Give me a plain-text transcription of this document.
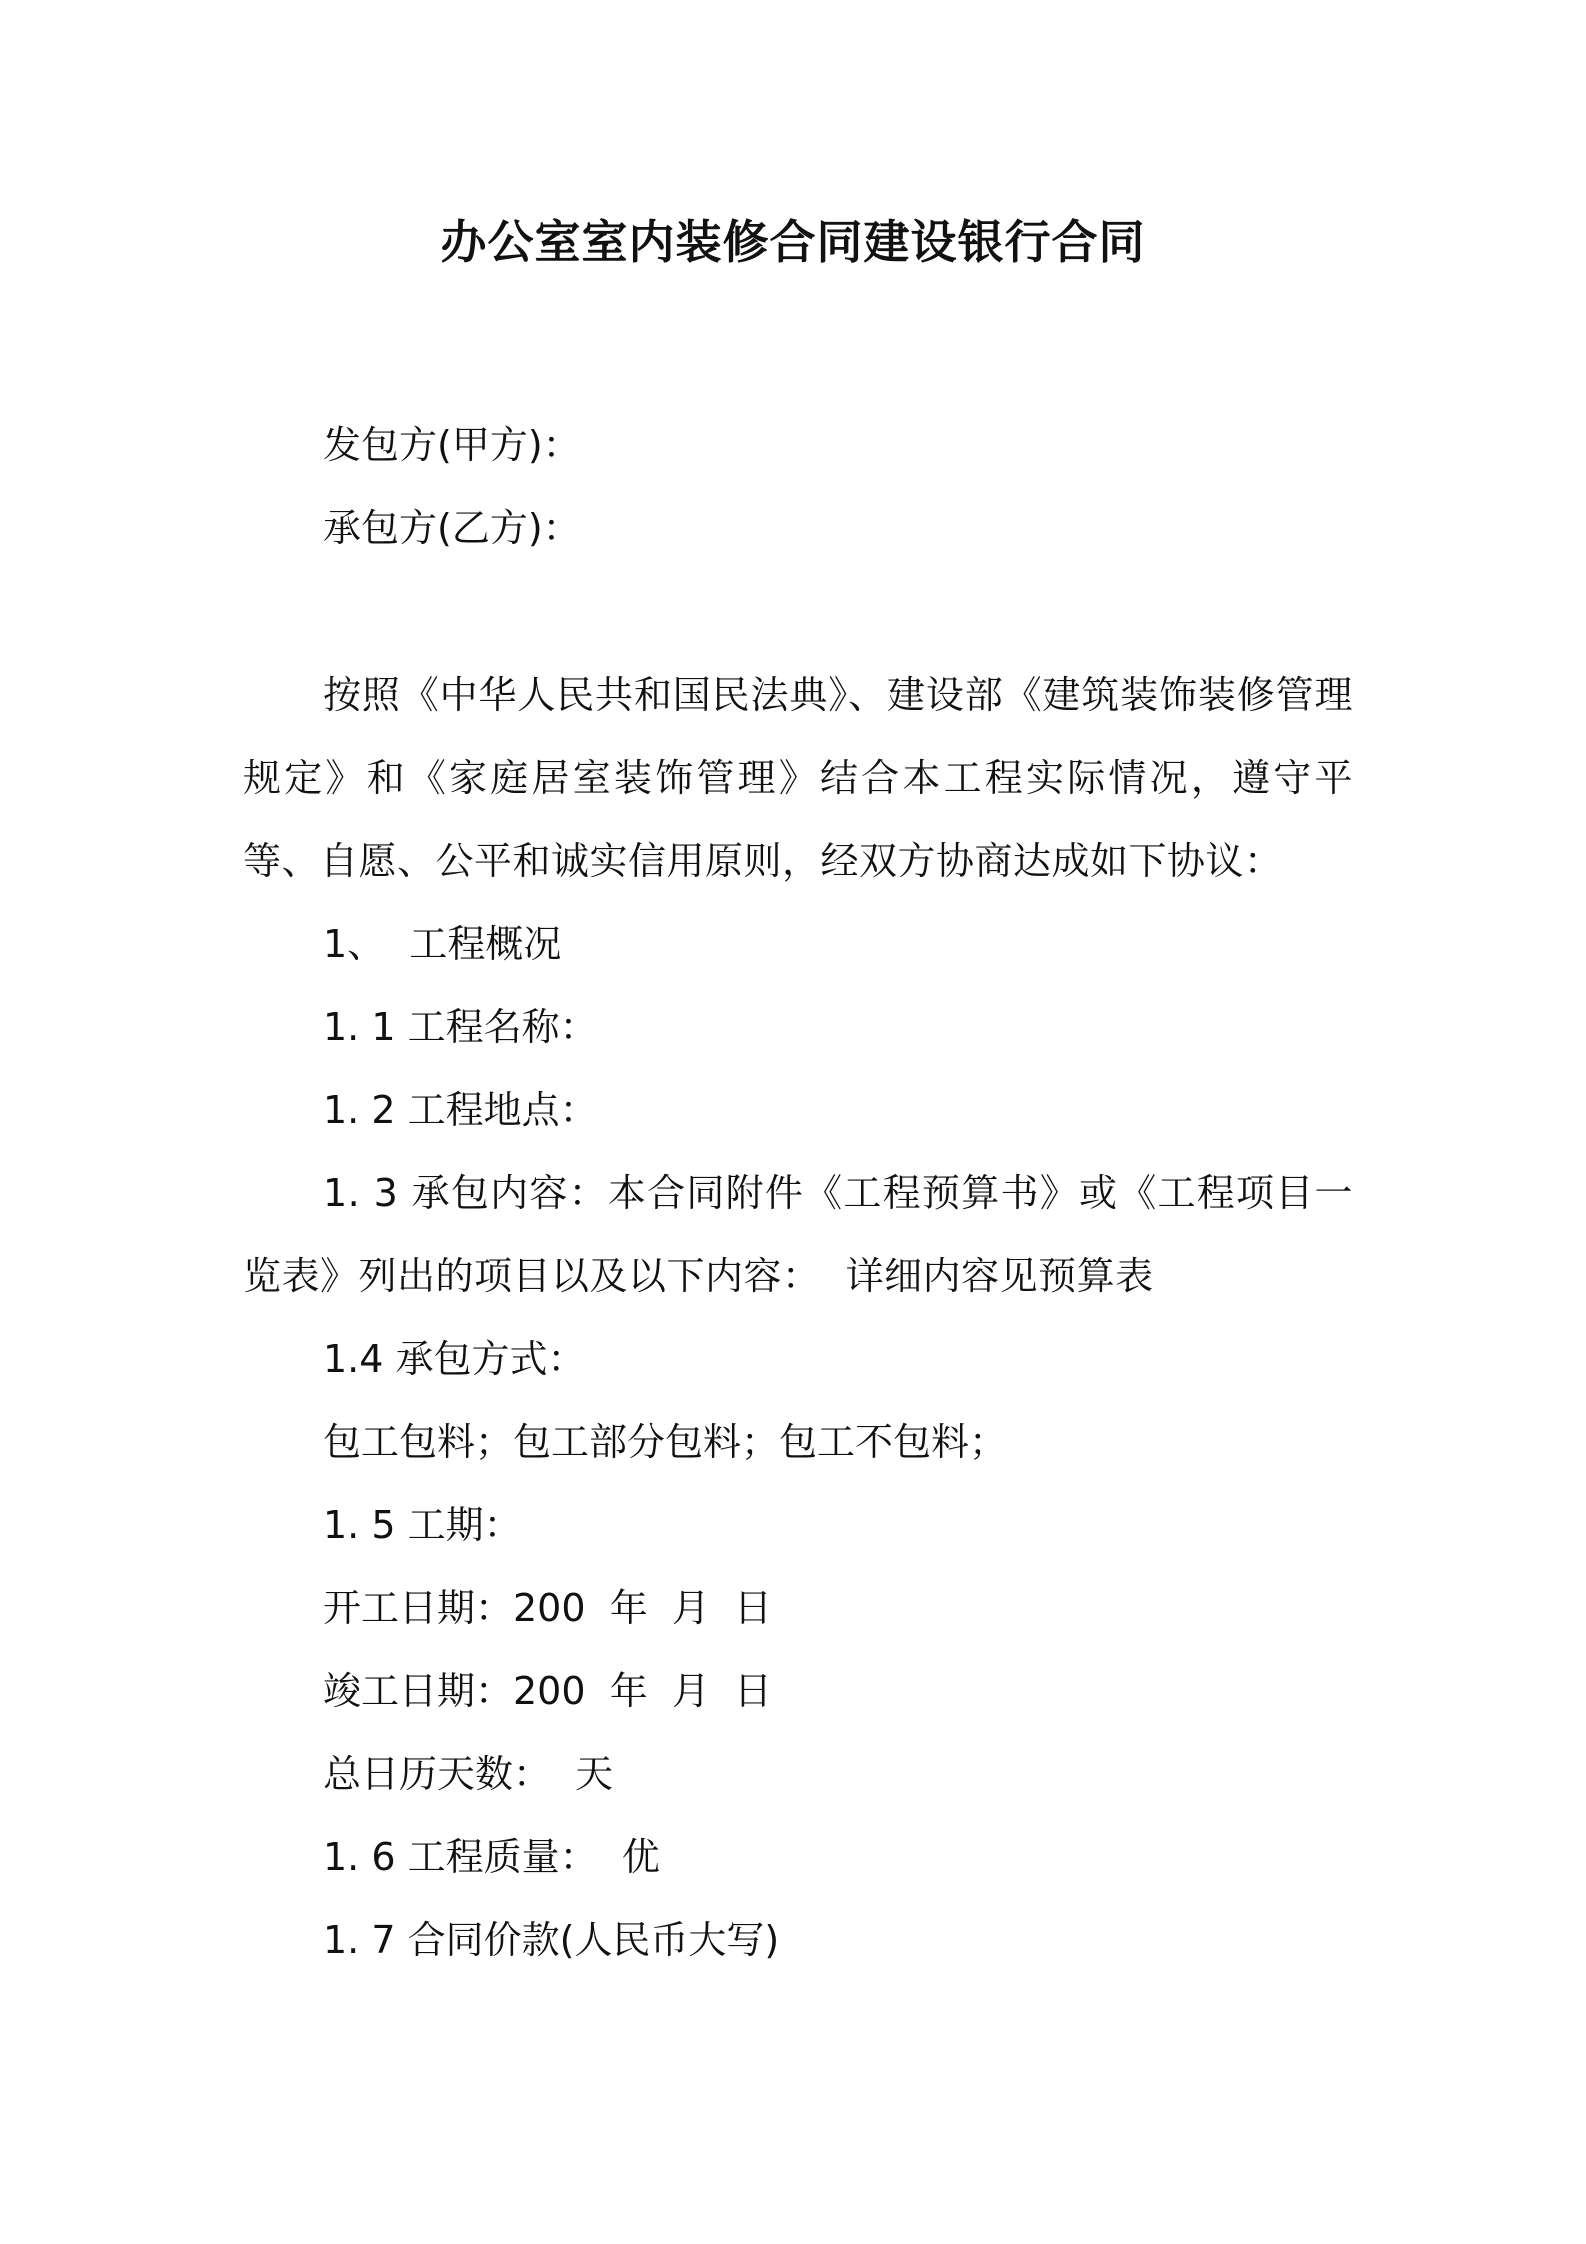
办公室室内装修合同建设银行合同

发包方(甲方)：

承包方(乙方)：

按照《中华人民共和国民法典》、建设部《建筑装饰装修管理规定》和《家庭居室装饰管理》结合本工程实际情况，遵守平等、自愿、公平和诚实信用原则，经双方协商达成如下协议：

1、  工程概况

1. 1 工程名称：

1. 2 工程地点：

1. 3 承包内容：本合同附件《工程预算书》或《工程项目一览表》列出的项目以及以下内容：  详细内容见预算表

1.4 承包方式：

包工包料；包工部分包料；包工不包料；

1. 5 工期：

开工日期：200  年  月  日

竣工日期：200  年  月  日

总日历天数：  天

1. 6 工程质量：  优

1. 7 合同价款(人民币大写)
